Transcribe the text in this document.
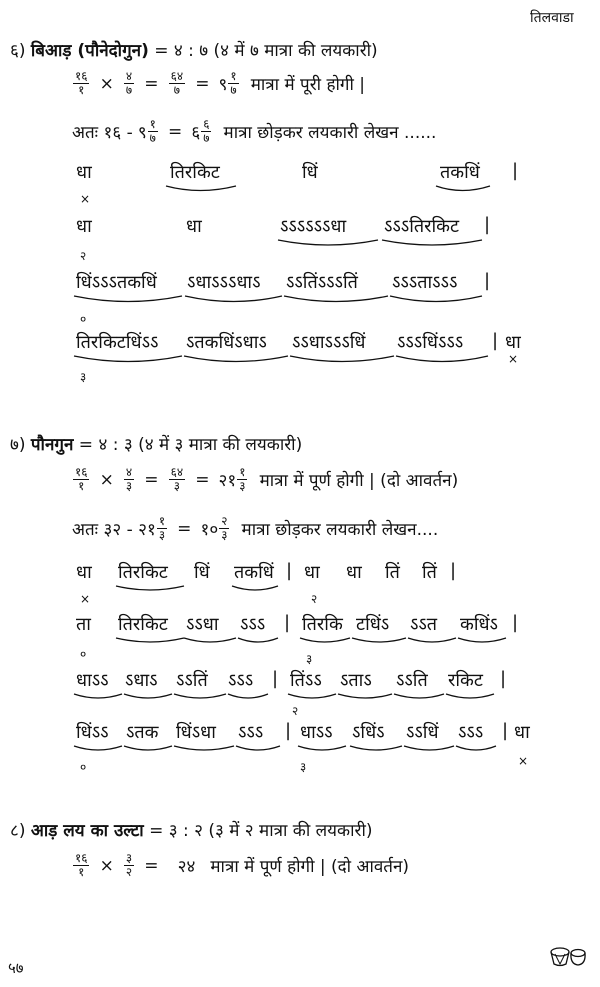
तिलवाडा
५७
६) बिआड़ (पौनेदोगुन) = ४ : ७ (४ में ७ मात्रा की लयकारी)
$\frac{१६}{१} \times \frac{४}{७} = \frac{६४}{७}$ = ९ $\frac{१}{७}$ मात्रा में पूरी होगी |
अतः १६ - ९ $\frac{१}{७}$ = ६ $\frac{६}{७}$ मात्रा छोड़कर लयकारी लेखन ......
धा	तिरकिट	धिं	तकधिं |
×
धा	धा	ऽऽऽऽऽऽधा ऽऽऽतिरकिट |
२
धिंऽऽऽतकधिं ऽधाऽऽऽधाऽ ऽऽतिंऽऽऽतिं ऽऽऽताऽऽऽ |
०
तिरकिटधिंऽऽ ऽतकधिंऽधाऽ ऽऽधाऽऽऽधिं ऽऽऽधिंऽऽऽ | धा
३
×
७) पौनगुन = ४ : ३ (४ में ३ मात्रा की लयकारी)
$\frac{१६}{१} \times \frac{४}{३} = \frac{६४}{३}$ = २१ $\frac{१}{३}$ मात्रा में पूर्ण होगी | (दो आवर्तन)
अतः ३२ - २१ $\frac{१}{३}$ = १० $\frac{२}{३}$ मात्रा छोड़कर लयकारी लेखन....
धा तिरकिट धिं तकधिं | धा धा तिं तिं |
×	२
ता तिरकिट ऽऽधा ऽऽऽ | तिरकि टधिंऽ ऽऽत कधिंऽ |
०	३
धाऽऽ ऽधाऽ ऽऽतिं ऽऽऽ | तिंऽऽ ऽताऽ ऽऽति रकिट |
२
धिंऽऽ ऽतक धिंऽधा ऽऽऽ | धाऽऽ ऽधिंऽ ऽऽधिं ऽऽऽ | धा
०	३	×
८) आड़ लय का उल्टा = ३ : २ (३ में २ मात्रा की लयकारी)
$\frac{१६}{१} \times \frac{३}{२}$ = २४ मात्रा में पूर्ण होगी | (दो आवर्तन)
